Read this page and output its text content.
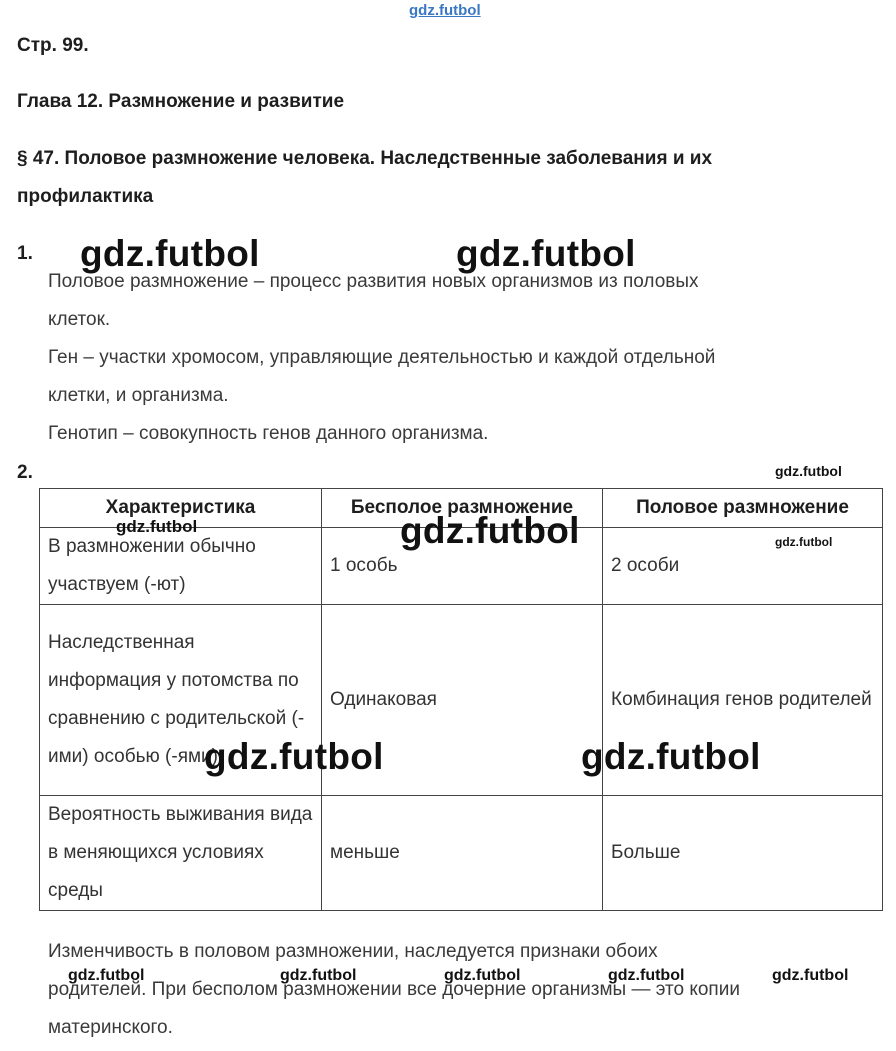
gdz.futbol
Стр. 99.
Глава 12. Размножение и развитие
§ 47. Половое размножение человека. Наследственные заболевания и их
профилактика
1.
Половое размножение – процесс развития новых организмов из половых
клеток.
Ген – участки хромосом, управляющие деятельностью и каждой отдельной
клетки, и организма.
Генотип – совокупность генов данного организма.
2.
Характеристика	Бесполое размножение	Половое размножение
В размножении обычно участвуем (-ют)	1 особь	2 особи
Наследственная информация у потомства по сравнению с родительской (-ими) особью (-ями)	Одинаковая	Комбинация генов родителей
Вероятность выживания вида в меняющихся условиях среды	меньше	Больше
Изменчивость в половом размножении, наследуется признаки обоих
родителей. При бесполом размножении все дочерние организмы — это копии
материнского.
gdz.futbol	gdz.futbol
gdz.futbol
gdz.futbol	gdz.futbol	gdz.futbol
gdz.futbol	gdz.futbol
gdz.futbol	gdz.futbol	gdz.futbol	gdz.futbol	gdz.futbol
